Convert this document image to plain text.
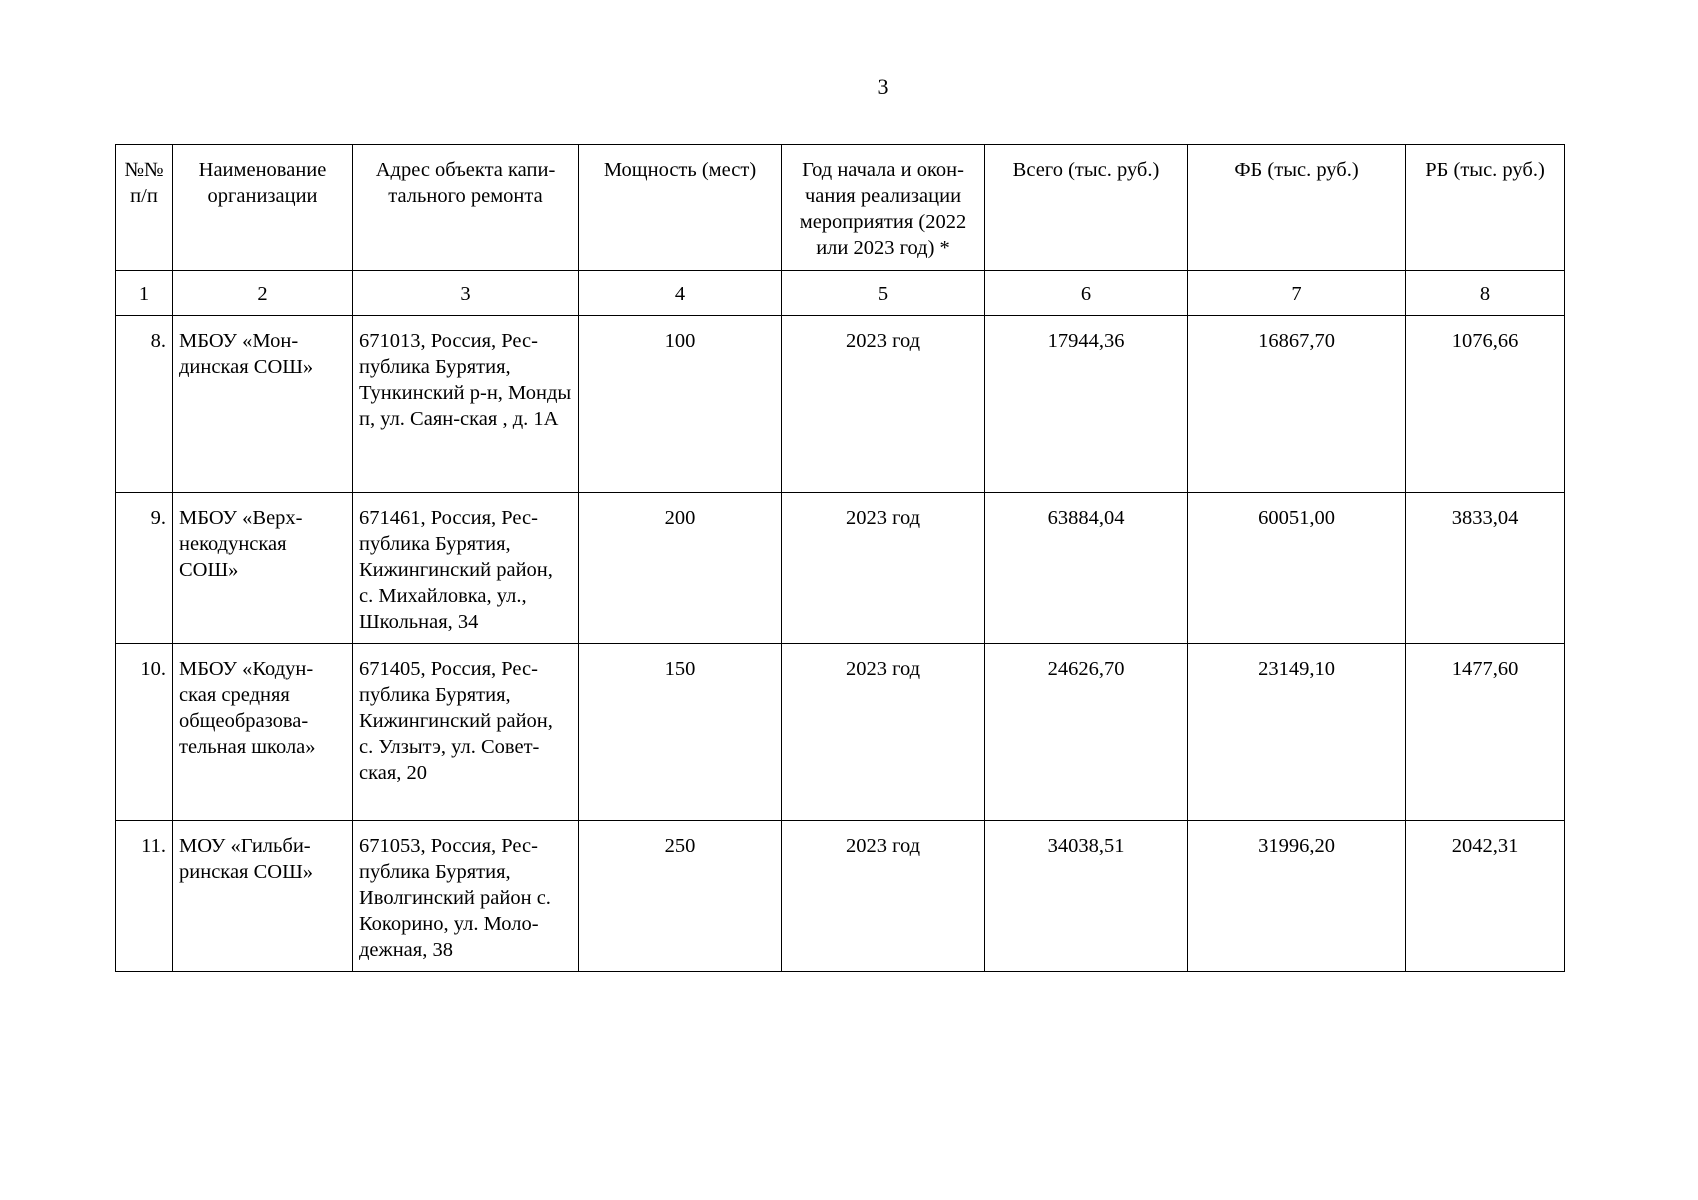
3
№№ п/п	Наименование организации	Адрес объекта капи-тального ремонта	Мощность (мест)	Год начала и окон-чания реализации мероприятия (2022 или 2023 год) *	Всего (тыс. руб.)	ФБ (тыс. руб.)	РБ (тыс. руб.)
1	2	3	4	5	6	7	8
8.	МБОУ «Мон-динская СОШ»	671013, Россия, Рес-публика Бурятия, Тункинский р-н, Монды п, ул. Саян-ская , д. 1А	100	2023 год	17944,36	16867,70	1076,66
9.	МБОУ «Верх-некодунская СОШ»	671461, Россия, Рес-публика Бурятия, Кижингинский район, с. Михайловка, ул., Школьная, 34	200	2023 год	63884,04	60051,00	3833,04
10.	МБОУ «Кодун-ская средняя общеобразова-тельная школа»	671405, Россия, Рес-публика Бурятия, Кижингинский район, с. Улзытэ, ул. Совет-ская, 20	150	2023 год	24626,70	23149,10	1477,60
11.	МОУ «Гильби-ринская СОШ»	671053, Россия, Рес-публика Бурятия, Иволгинский район с. Кокорино, ул. Моло-дежная, 38	250	2023 год	34038,51	31996,20	2042,31
